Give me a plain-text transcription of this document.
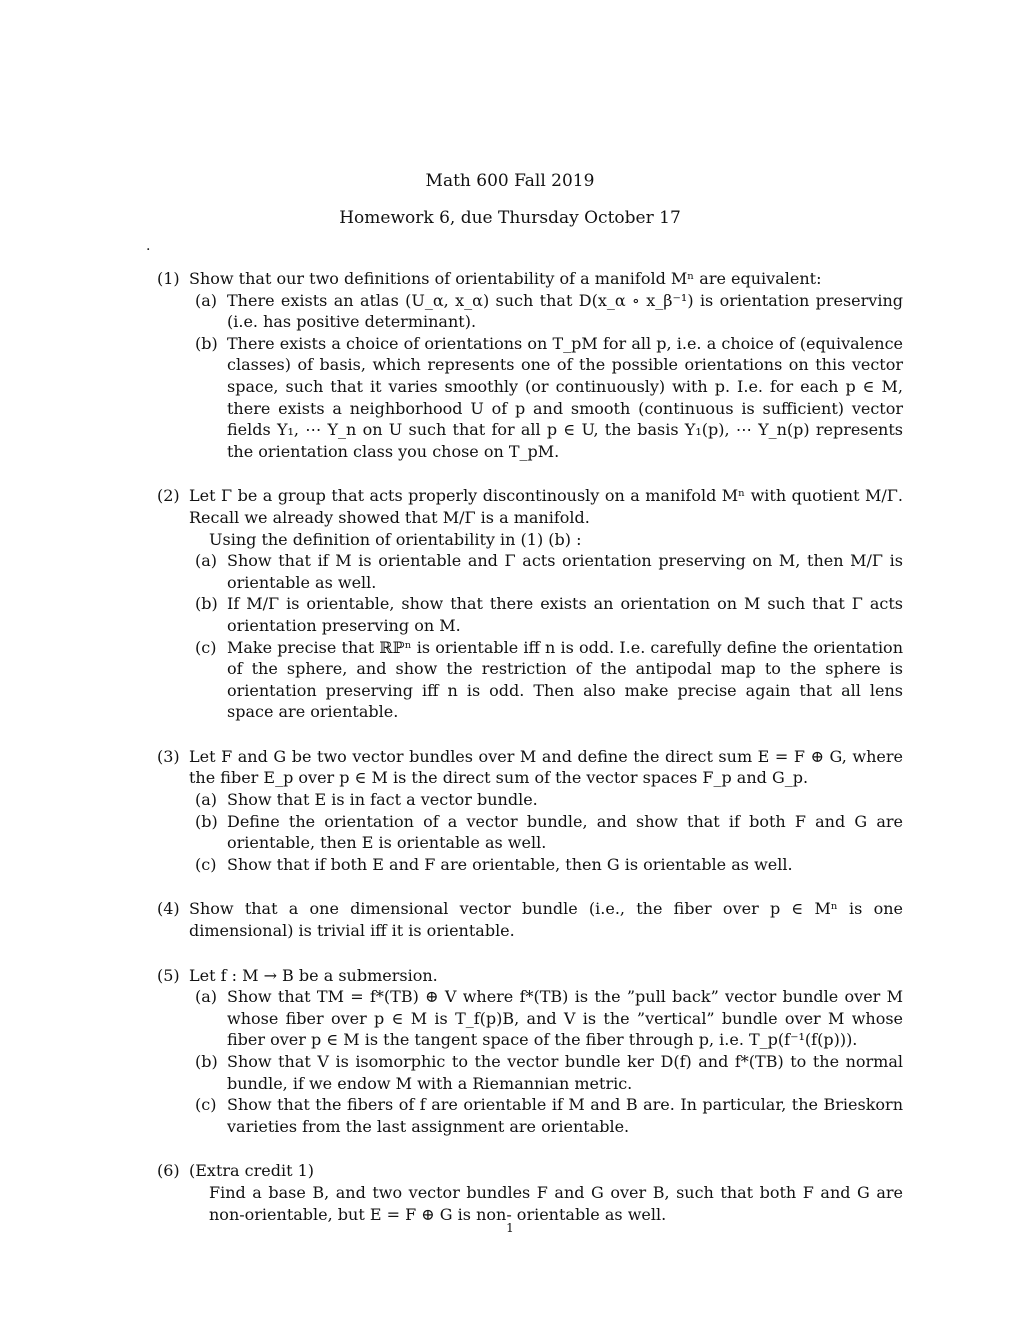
Math 600 Fall 2019
Homework 6, due Thursday October 17
.
(1) Show that our two definitions of orientability of a manifold Mⁿ are equivalent:
(a) There exists an atlas (U_α, x_α) such that D(x_α ∘ x_β⁻¹) is orientation preserving (i.e. has positive determinant).
(b) There exists a choice of orientations on T_pM for all p, i.e. a choice of (equivalence classes) of basis, which represents one of the possible orientations on this vector space, such that it varies smoothly (or continuously) with p. I.e. for each p ∈ M, there exists a neighborhood U of p and smooth (continuous is sufficient) vector fields Y₁, ⋯ Y_n on U such that for all p ∈ U, the basis Y₁(p), ⋯ Y_n(p) represents the orientation class you chose on T_pM.
(2) Let Γ be a group that acts properly discontinously on a manifold Mⁿ with quotient M/Γ. Recall we already showed that M/Γ is a manifold.
Using the definition of orientability in (1) (b) :
(a) Show that if M is orientable and Γ acts orientation preserving on M, then M/Γ is orientable as well.
(b) If M/Γ is orientable, show that there exists an orientation on M such that Γ acts orientation preserving on M.
(c) Make precise that ℝℙⁿ is orientable iff n is odd. I.e. carefully define the orientation of the sphere, and show the restriction of the antipodal map to the sphere is orientation preserving iff n is odd. Then also make precise again that all lens space are orientable.
(3) Let F and G be two vector bundles over M and define the direct sum E = F ⊕ G, where the fiber E_p over p ∈ M is the direct sum of the vector spaces F_p and G_p.
(a) Show that E is in fact a vector bundle.
(b) Define the orientation of a vector bundle, and show that if both F and G are orientable, then E is orientable as well.
(c) Show that if both E and F are orientable, then G is orientable as well.
(4) Show that a one dimensional vector bundle (i.e., the fiber over p ∈ Mⁿ is one dimensional) is trivial iff it is orientable.
(5) Let f : M → B be a submersion.
(a) Show that TM = f*(TB) ⊕ V where f*(TB) is the ”pull back” vector bundle over M whose fiber over p ∈ M is T_f(p)B, and V is the ”vertical” bundle over M whose fiber over p ∈ M is the tangent space of the fiber through p, i.e. T_p(f⁻¹(f(p))).
(b) Show that V is isomorphic to the vector bundle ker D(f) and f*(TB) to the normal bundle, if we endow M with a Riemannian metric.
(c) Show that the fibers of f are orientable if M and B are. In particular, the Brieskorn varieties from the last assignment are orientable.
(6) (Extra credit 1)
Find a base B, and two vector bundles F and G over B, such that both F and G are non-orientable, but E = F ⊕ G is non- orientable as well.
1
